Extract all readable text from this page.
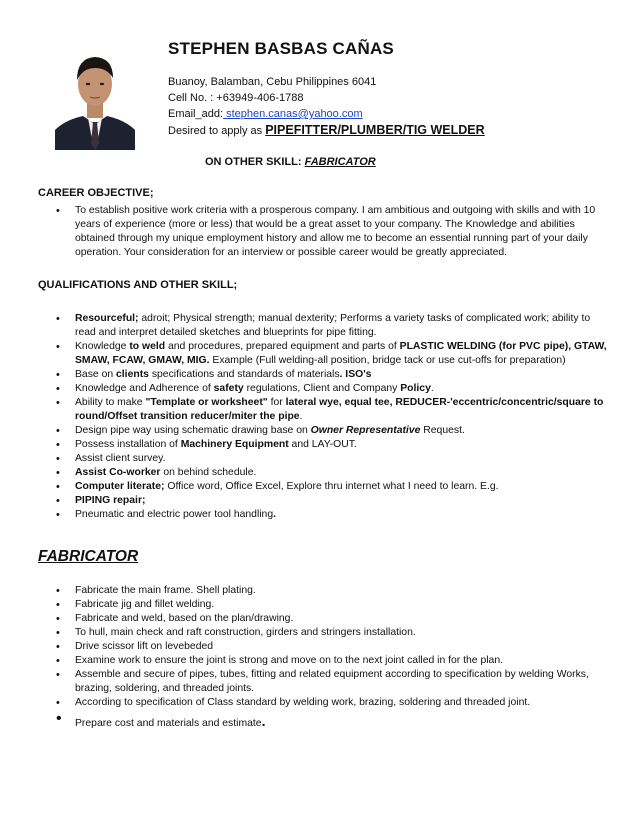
STEPHEN BASBAS CAÑAS
Buanoy, Balamban, Cebu Philippines 6041
Cell No. : +63949-406-1788
Email_add: stephen.canas@yahoo.com
Desired to apply as PIPEFITTER/PLUMBER/TIG WELDER
ON OTHER SKILL: FABRICATOR
CAREER OBJECTIVE;
• To establish positive work criteria with a prosperous company. I am ambitious and outgoing with skills and with 10 years of experience (more or less) that would be a great asset to your company. The Knowledge and abilities obtained through my unique employment history and allow me to become an essential running part of your daily operation. Your consideration for an interview or possible career would be greatly appreciated.
QUALIFICATIONS AND OTHER SKILL;
• Resourceful; adroit; Physical strength; manual dexterity; Performs a variety tasks of complicated work; ability to read and interpret detailed sketches and blueprints for pipe fitting.
• Knowledge to weld and procedures, prepared equipment and parts of PLASTIC WELDING (for PVC pipe), GTAW, SMAW, FCAW, GMAW, MIG. Example (Full welding-all position, bridge tack or use cut-offs for preparation)
• Base on clients specifications and standards of materials. ISO's
• Knowledge and Adherence of safety regulations, Client and Company Policy.
• Ability to make "Template or worksheet" for lateral wye, equal tee, REDUCER-'eccentric/concentric/square to round/Offset transition reducer/miter the pipe.
• Design pipe way using schematic drawing base on Owner Representative Request.
• Possess installation of Machinery Equipment and LAY-OUT.
• Assist client survey.
• Assist Co-worker on behind schedule.
• Computer literate; Office word, Office Excel, Explore thru internet what I need to learn. E.g.
• PIPING repair;
• Pneumatic and electric power tool handling.
FABRICATOR
• Fabricate the main frame. Shell plating.
• Fabricate jig and fillet welding.
• Fabricate and weld, based on the plan/drawing.
• To hull, main check and raft construction, girders and stringers installation.
• Drive scissor lift on levebeded
• Examine work to ensure the joint is strong and move on to the next joint called in for the plan.
• Assemble and secure of pipes, tubes, fitting and related equipment according to specification by welding Works, brazing, soldering, and threaded joints.
• According to specification of Class standard by welding work, brazing, soldering and threaded joint.
• Prepare cost and materials and estimate.
